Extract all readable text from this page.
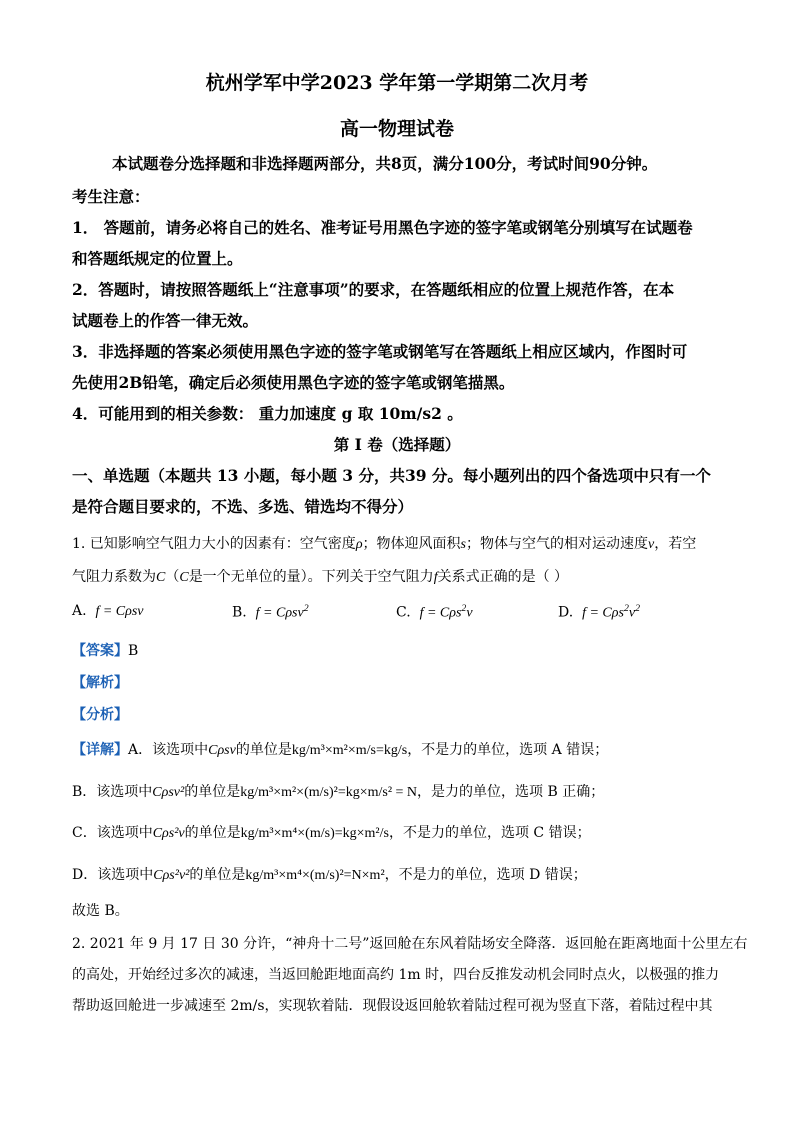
杭州学军中学2023 学年第一学期第二次月考
高一物理试卷
本试题卷分选择题和非选择题两部分，共8页，满分100分，考试时间90分钟。
考生注意：
1． 答题前，请务必将自己的姓名、准考证号用黑色字迹的签字笔或钢笔分别填写在试题卷
和答题纸规定的位置上。
2．答题时，请按照答题纸上“注意事项”的要求，在答题纸相应的位置上规范作答，在本
试题卷上的作答一律无效。
3．非选择题的答案必须使用黑色字迹的签字笔或钢笔写在答题纸上相应区域内，作图时可
先使用2B铅笔，确定后必须使用黑色字迹的签字笔或钢笔描黑。
4．可能用到的相关参数： 重力加速度 g 取 10m/s2 。
第 I 卷（选择题）
一、单选题（本题共 13 小题，每小题 3 分，共39 分。每小题列出的四个备选项中只有一个
是符合题目要求的，不选、多选、错选均不得分）
1. 已知影响空气阻力大小的因素有：空气密度ρ；物体迎风面积s；物体与空气的相对运动速度v，若空
气阻力系数为C（C是一个无单位的量）。下列关于空气阻力f关系式正确的是（ ）
A. f = Cρsv	B. f = Cρsv$^2$	C. f = Cρs$^2$v	D. $f = C\rho s^2v^2$
【答案】B
【解析】
【分析】
【详解】A．该选项中Cρsv的单位是kg/m³×m²×m/s=kg/s，不是力的单位，选项 A 错误；
B．该选项中Cρsv²的单位是kg/m³×m²×(m/s)²=kg×m/s² = N，是力的单位，选项 B 正确；
C．该选项中Cρs²v的单位是kg/m³×m⁴×(m/s)=kg×m²/s，不是力的单位，选项 C 错误；
D．该选项中Cρs²v²的单位是kg/m³×m⁴×(m/s)²=N×m²，不是力的单位，选项 D 错误；
故选 B。
2. 2021 年 9 月 17 日 30 分许，“神舟十二号”返回舱在东风着陆场安全降落．返回舱在距离地面十公里左右
的高处，开始经过多次的减速，当返回舱距地面高约 1m 时，四台反推发动机会同时点火，以极强的推力
帮助返回舱进一步减速至 2m/s，实现软着陆．现假设返回舱软着陆过程可视为竖直下落，着陆过程中其
